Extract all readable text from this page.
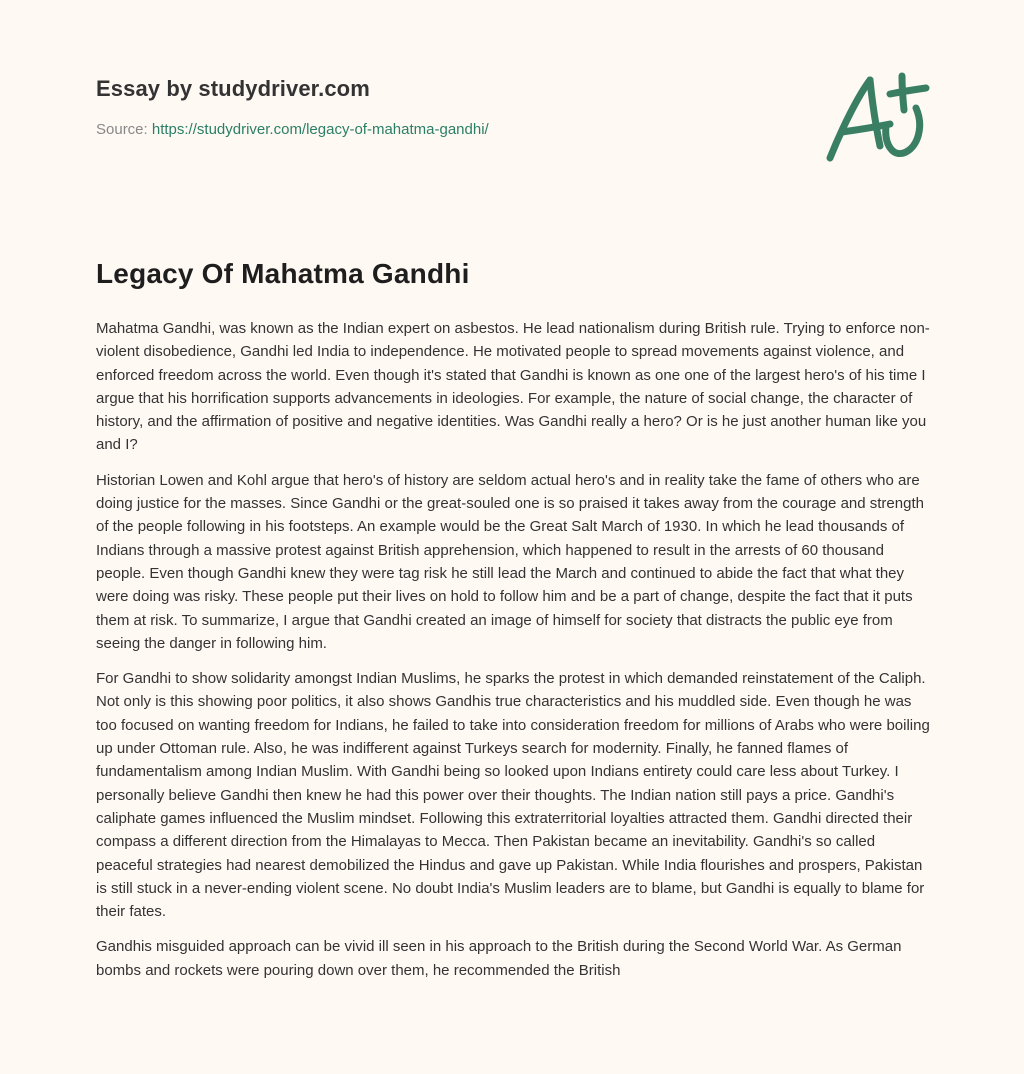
Essay by studydriver.com
Source: https://studydriver.com/legacy-of-mahatma-gandhi/
Legacy Of Mahatma Gandhi

Mahatma Gandhi, was known as the Indian expert on asbestos. He lead nationalism during British rule. Trying to enforce non-violent disobedience, Gandhi led India to independence. He motivated people to spread movements against violence, and enforced freedom across the world. Even though it's stated that Gandhi is known as one one of the largest hero's of his time I argue that his horrification supports advancements in ideologies. For example, the nature of social change, the character of history, and the affirmation of positive and negative identities. Was Gandhi really a hero? Or is he just another human like you and I?

Historian Lowen and Kohl argue that hero's of history are seldom actual hero's and in reality take the fame of others who are doing justice for the masses. Since Gandhi or the great-souled one is so praised it takes away from the courage and strength of the people following in his footsteps. An example would be the Great Salt March of 1930. In which he lead thousands of Indians through a massive protest against British apprehension, which happened to result in the arrests of 60 thousand people. Even though Gandhi knew they were tag risk he still lead the March and continued to abide the fact that what they were doing was risky. These people put their lives on hold to follow him and be a part of change, despite the fact that it puts them at risk. To summarize, I argue that Gandhi created an image of himself for society that distracts the public eye from seeing the danger in following him.

For Gandhi to show solidarity amongst Indian Muslims, he sparks the protest in which demanded reinstatement of the Caliph. Not only is this showing poor politics, it also shows Gandhis true characteristics and his muddled side. Even though he was too focused on wanting freedom for Indians, he failed to take into consideration freedom for millions of Arabs who were boiling up under Ottoman rule. Also, he was indifferent against Turkeys search for modernity. Finally, he fanned flames of fundamentalism among Indian Muslim. With Gandhi being so looked upon Indians entirety could care less about Turkey. I personally believe Gandhi then knew he had this power over their thoughts. The Indian nation still pays a price. Gandhi's caliphate games influenced the Muslim mindset. Following this extraterritorial loyalties attracted them. Gandhi directed their compass a different direction from the Himalayas to Mecca. Then Pakistan became an inevitability. Gandhi's so called peaceful strategies had nearest demobilized the Hindus and gave up Pakistan. While India flourishes and prospers, Pakistan is still stuck in a never-ending violent scene. No doubt India's Muslim leaders are to blame, but Gandhi is equally to blame for their fates.

Gandhis misguided approach can be vivid ill seen in his approach to the British during the Second World War. As German bombs and rockets were pouring down over them, he recommended the British
